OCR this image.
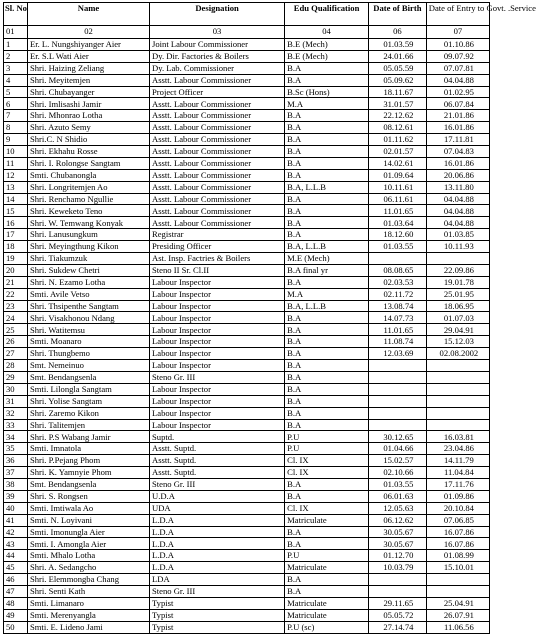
Sl. No	Name	Designation	Edu Qualification	Date of Birth	Date of Entry to Govt. .Service
01	02	03	04	06	07
1	Er. L. Nungshiyanger Aier	Joint Labour Commissioner	B.E (Mech)	01.03.59	01.10.86
2	Er. S.L Wati Aier	Dy. Dir. Factories & Boilers	B.E (Mech)	24.01.66	09.07.92
3	Shri. Haizing Zeliang	Dy. Lab. Commissioner	B.A	05.05.59	07.07.81
4	Shri. Meyitemjen	Asstt. Labour Commissioner	B.A	05.09.62	04.04.88
5	Shri. Chubayanger	Project Officer	B.Sc (Hons)	18.11.67	01.02.95
6	Shri. Imlisashi Jamir	Asstt. Labour Commissioner	M.A	31.01.57	06.07.84
7	Shri. Mhonrao Lotha	Asstt. Labour Commissioner	B.A	22.12.62	21.01.86
8	Shri. Azuto Semy	Asstt. Labour Commissioner	B.A	08.12.61	16.01.86
9	Shri.C. N Shidio	Asstt. Labour Commissioner	B.A	01.11.62	17.11.81
10	Shri. Ekhahu Rosse	Asstt. Labour Commissioner	B.A	02.01.57	07.04.83
11	Shri. I. Rolongse Sangtam	Asstt. Labour Commissioner	B.A	14.02.61	16.01.86
12	Smti. Chubanongla	Asstt. Labour Commissioner	B.A	01.09.64	20.06.86
13	Shri. Longritemjen Ao	Asstt. Labour Commissioner	B.A, L.L.B	10.11.61	13.11.80
14	Shri. Renchamo Ngullie	Asstt. Labour Commissioner	B.A	06.11.61	04.04.88
15	Shri. Keweketo Teno	Asstt. Labour Commissioner	B.A	11.01.65	04.04.88
16	Shri. W. Temwang Konyak	Asstt. Labour Commissioner	B.A	01.03.64	04.04.88
17	Shri. Lanusungkum	Registrar	B.A	18.12.60	01.03.85
18	Shri. Meyingthung Kikon	Presiding Officer	B.A, L.L.B	01.03.55	10.11.93
19	Shri. Tiakumzuk	Ast. Insp. Factries & Boilers	M.E (Mech)		
20	Shri. Sukdew Chetri	Steno II Sr. Cl.II	B.A final yr	08.08.65	22.09.86
21	Shri. N. Ezamo Lotha	Labour Inspector	B.A	02.03.53	19.01.78
22	Smti. Avile Vetso	Labour Inspector	M.A	02.11.72	25.01.95
23	Shri. Thsipenthe Sangtam	Labour Inspector	B.A, L.L.B	13.08.74	18.06.95
24	Shri. Visakhonou Ndang	Labour Inspector	B.A	14.07.73	01.07.03
25	Shri. Watitemsu	Labour Inspector	B.A	11.01.65	29.04.91
26	Smti. Moanaro	Labour Inspector	B.A	11.08.74	15.12.03
27	Shri. Thungbemo	Labour Inspector	B.A	12.03.69	02.08.2002
28	Smt. Nemeinuo	Labour Inspector	B.A		
29	Smt. Bendangsenla	Steno Gr. III	B.A		
30	Smti. Lilongla Sangtam	Labour Inspector	B.A		
31	Shri. Yolise Sangtam	Labour Inspector	B.A		
32	Shri. Zaremo Kikon	Labour Inspector	B.A		
33	Shri. Talitemjen	Labour Inspector	B.A		
34	Shri. P.S Wabang Jamir	Suptd.	P.U	30.12.65	16.03.81
35	Smti. Imnatola	Asstt. Suptd.	P.U	01.04.66	23.04.86
36	Shri. P.Pejang Phom	Asstt. Suptd.	Cl. IX	15.02.57	14.11.79
37	Shri. K. Yamnyie Phom	Asstt. Suptd.	Cl. IX	02.10.66	11.04.84
38	Smt. Bendangsenla	Steno Gr. III	B.A	01.03.55	17.11.76
39	Shri. S. Rongsen	U.D.A	B.A	06.01.63	01.09.86
40	Smti. Imtiwala Ao	UDA	Cl. IX	12.05.63	20.10.84
41	Smti. N. Loyivani	L.D.A	Matriculate	06.12.62	07.06.85
42	Smti. Imonungla Aier	L.D.A	B.A	30.05.67	16.07.86
43	Smti. I. Amongla Aier	L.D.A	B.A	30.05.67	16.07.86
44	Smti. Mhalo Lotha	L.D.A	P.U	01.12.70	01.08.99
45	Shri. A. Sedangcho	L.D.A	Matriculate	10.03.79	15.10.01
46	Shri. Elemmongba Chang	LDA	B.A		
47	Shri. Senti Kath	Steno Gr. III	B.A		
48	Smti. Limanaro	Typist	Matriculate	29.11.65	25.04.91
49	Smti. Merenyangla	Typist	Matriculate	05.05.72	26.07.91
50	Smti. E. Lideno Jami	Typist	P.U (sc)	27.14.74	11.06.56
